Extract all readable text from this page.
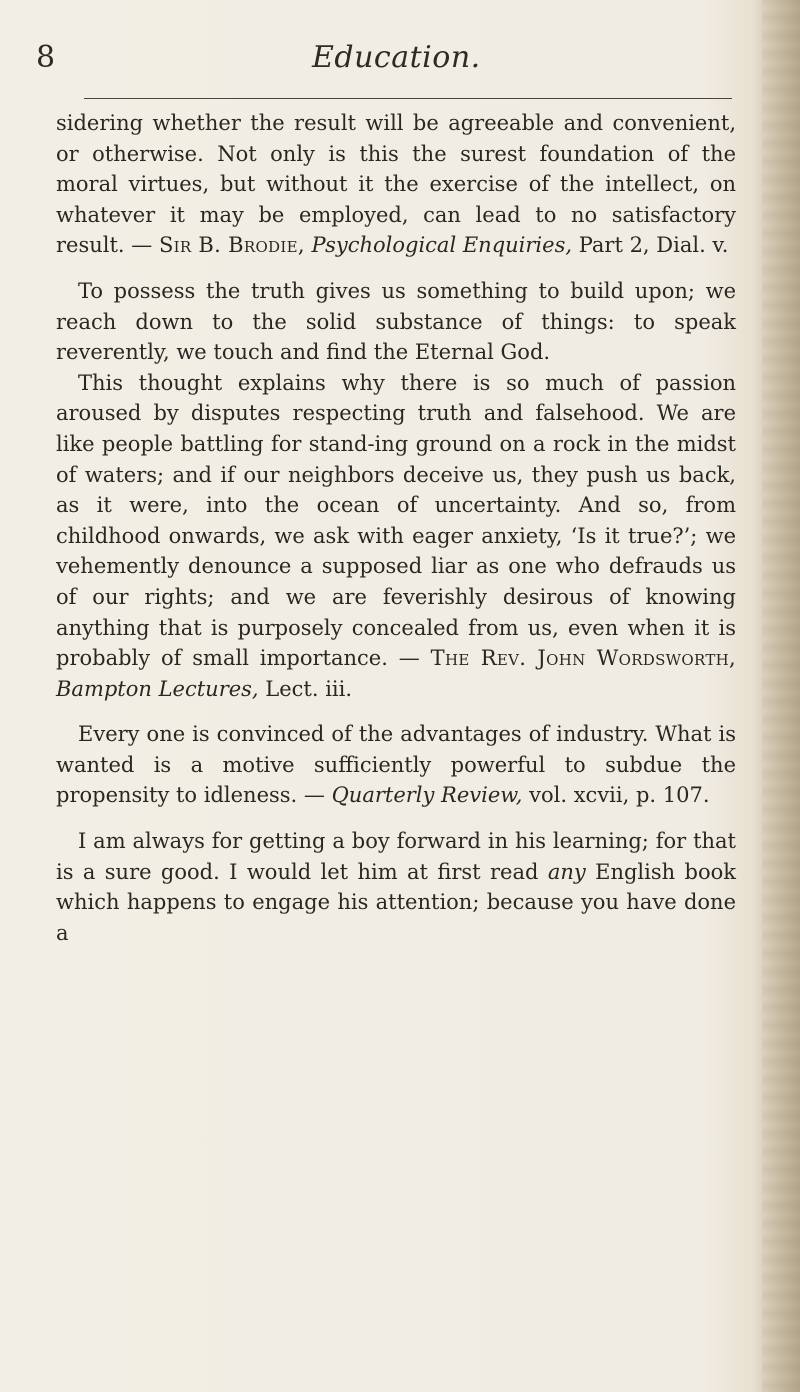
8	Education.

sidering whether the result will be agreeable and convenient, or otherwise. Not only is this the surest foundation of the moral virtues, but without it the exercise of the intellect, on whatever it may be employed, can lead to no satisfactory result. — Sir B. Brodie, Psychological Enquiries, Part 2, Dial. v.

To possess the truth gives us something to build upon; we reach down to the solid substance of things: to speak reverently, we touch and find the Eternal God.

This thought explains why there is so much of passion aroused by disputes respecting truth and falsehood. We are like people battling for stand-ing ground on a rock in the midst of waters; and if our neighbors deceive us, they push us back, as it were, into the ocean of uncertainty. And so, from childhood onwards, we ask with eager anxiety, ‘Is it true?’; we vehemently denounce a supposed liar as one who defrauds us of our rights; and we are feverishly desirous of knowing anything that is purposely concealed from us, even when it is probably of small importance. — The Rev. John Wordsworth, Bampton Lectures, Lect. iii.

Every one is convinced of the advantages of industry. What is wanted is a motive sufficiently powerful to subdue the propensity to idleness. — Quarterly Review, vol. xcvii, p. 107.

I am always for getting a boy forward in his learning; for that is a sure good. I would let him at first read any English book which happens to engage his attention; because you have done a
